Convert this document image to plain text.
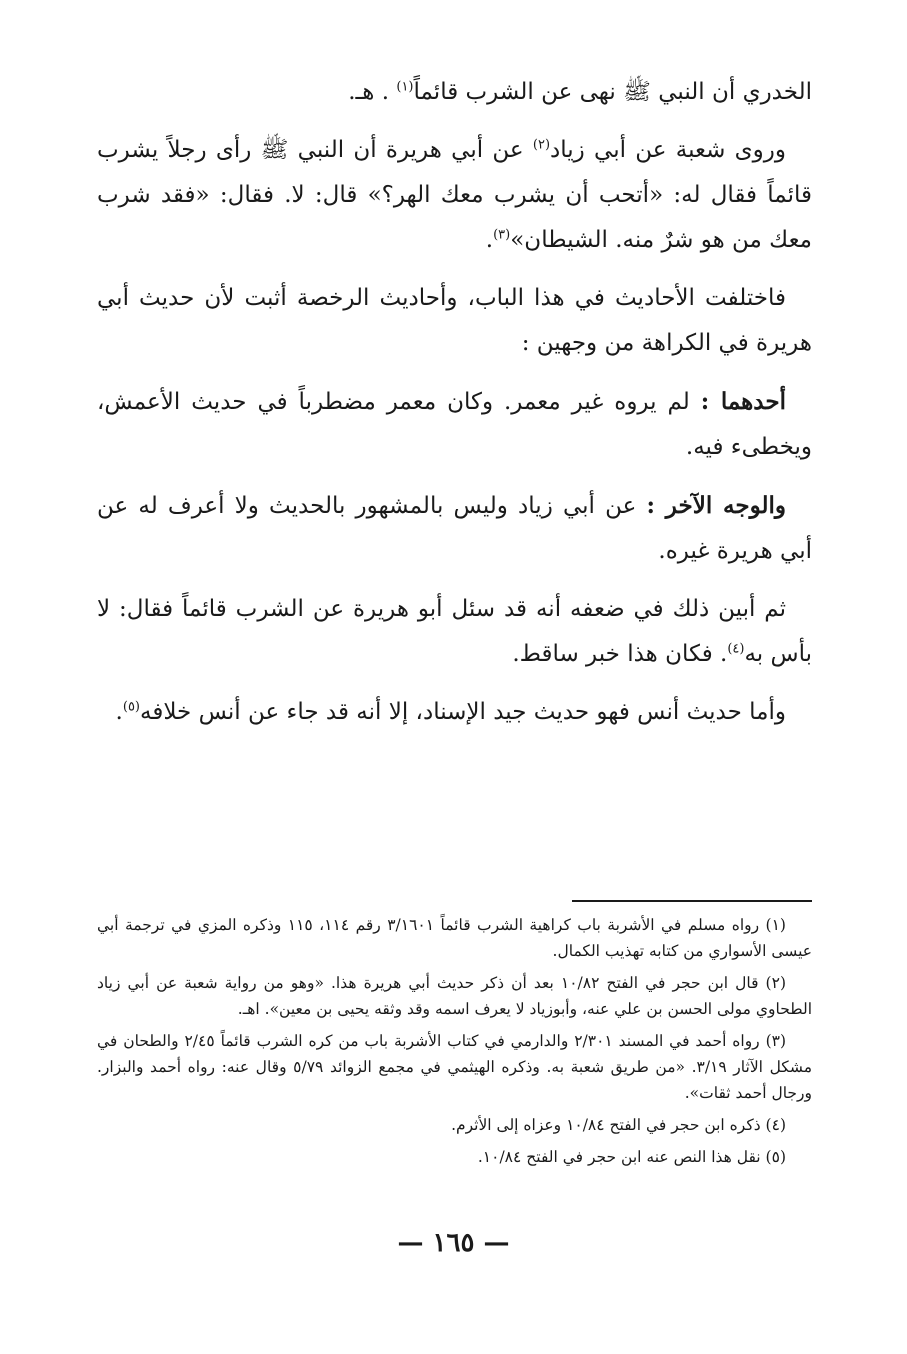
الخدري أن النبي ﷺ نهى عن الشرب قائماً$^{(١)}$ . هـ.

وروى شعبة عن أبي زياد$^{(٢)}$ عن أبي هريرة أن النبي ﷺ رأى رجلاً يشرب قائماً فقال له: «أتحب أن يشرب معك الهر؟» قال: لا. فقال: «فقد شرب معك من هو شرٌ منه. الشيطان»$^{(٣)}$.

فاختلفت الأحاديث في هذا الباب، وأحاديث الرخصة أثبت لأن حديث أبي هريرة في الكراهة من وجهين :

أحدهما : لم يروه غير معمر. وكان معمر مضطرباً في حديث الأعمش، ويخطىء فيه.

والوجه الآخر : عن أبي زياد وليس بالمشهور بالحديث ولا أعرف له عن أبي هريرة غيره.

ثم أبين ذلك في ضعفه أنه قد سئل أبو هريرة عن الشرب قائماً فقال: لا بأس به$^{(٤)}$. فكان هذا خبر ساقط.

وأما حديث أنس فهو حديث جيد الإسناد، إلا أنه قد جاء عن أنس خلافه$^{(٥)}$.

(١) رواه مسلم في الأشربة باب كراهية الشرب قائماً ٣/١٦٠١ رقم ١١٤، ١١٥ وذكره المزي في ترجمة أبي عيسى الأسواري من كتابه تهذيب الكمال.

(٢) قال ابن حجر في الفتح ١٠/٨٢ بعد أن ذكر حديث أبي هريرة هذا. «وهو من رواية شعبة عن أبي زياد الطحاوي مولى الحسن بن علي عنه، وأبوزياد لا يعرف اسمه وقد وثقه يحيى بن معين». اهـ.

(٣) رواه أحمد في المسند ٢/٣٠١ والدارمي في كتاب الأشربة باب من كره الشرب قائماً ٢/٤٥ والطحان في مشكل الآثار ٣/١٩. «من طريق شعبة به. وذكره الهيثمي في مجمع الزوائد ٥/٧٩ وقال عنه: رواه أحمد والبزار. ورجال أحمد ثقات».

(٤) ذكره ابن حجر في الفتح ١٠/٨٤ وعزاه إلى الأثرم.

(٥) نقل هذا النص عنه ابن حجر في الفتح ١٠/٨٤.

— ١٦٥ —
